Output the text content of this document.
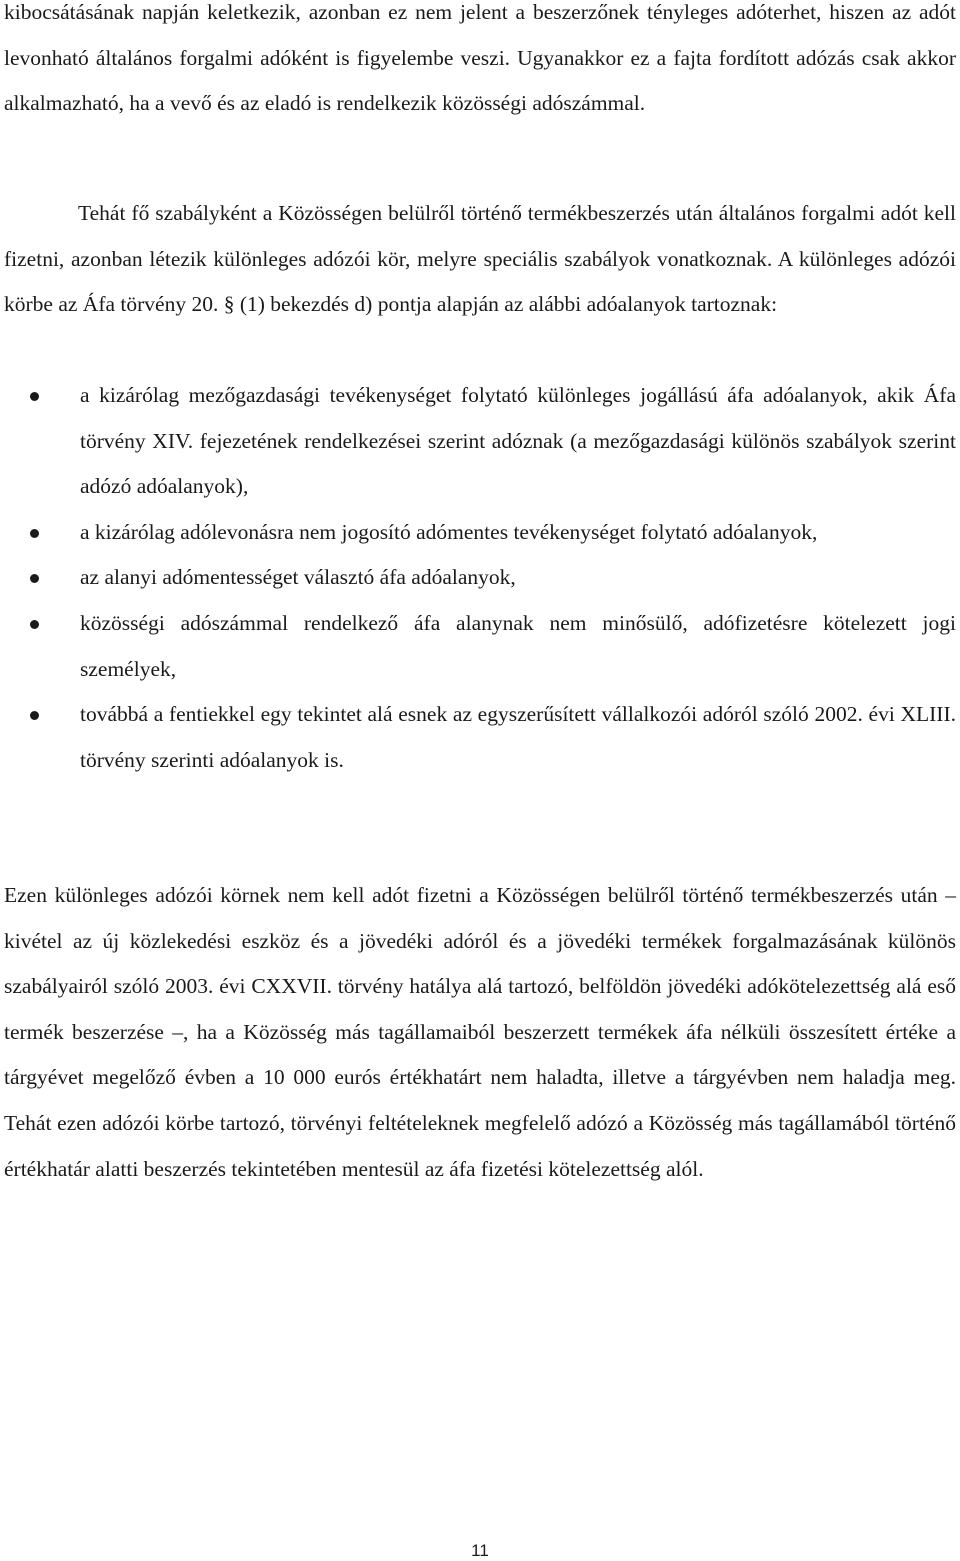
kibocsátásának napján keletkezik, azonban ez nem jelent a beszerzőnek tényleges adóterhet, hiszen az adót levonható általános forgalmi adóként is figyelembe veszi. Ugyanakkor ez a fajta fordított adózás csak akkor alkalmazható, ha a vevő és az eladó is rendelkezik közösségi adószámmal.

Tehát fő szabályként a Közösségen belülről történő termékbeszerzés után általános forgalmi adót kell fizetni, azonban létezik különleges adózói kör, melyre speciális szabályok vonatkoznak. A különleges adózói körbe az Áfa törvény 20. § (1) bekezdés d) pontja alapján az alábbi adóalanyok tartoznak:

a kizárólag mezőgazdasági tevékenységet folytató különleges jogállású áfa adóalanyok, akik Áfa törvény XIV. fejezetének rendelkezései szerint adóznak (a mezőgazdasági különös szabályok szerint adózó adóalanyok),
a kizárólag adólevonásra nem jogosító adómentes tevékenységet folytató adóalanyok,
az alanyi adómentességet választó áfa adóalanyok,
közösségi adószámmal rendelkező áfa alanynak nem minősülő, adófizetésre kötelezett jogi személyek,
továbbá a fentiekkel egy tekintet alá esnek az egyszerűsített vállalkozói adóról szóló 2002. évi XLIII. törvény szerinti adóalanyok is.

Ezen különleges adózói körnek nem kell adót fizetni a Közösségen belülről történő termékbeszerzés után – kivétel az új közlekedési eszköz és a jövedéki adóról és a jövedéki termékek forgalmazásának különös szabályairól szóló 2003. évi CXXVII. törvény hatálya alá tartozó, belföldön jövedéki adókötelezettség alá eső termék beszerzése –, ha a Közösség más tagállamaiból beszerzett termékek áfa nélküli összesített értéke a tárgyévet megelőző évben a 10 000 eurós értékhatárt nem haladta, illetve a tárgyévben nem haladja meg. Tehát ezen adózói körbe tartozó, törvényi feltételeknek megfelelő adózó a Közösség más tagállamából történő értékhatár alatti beszerzés tekintetében mentesül az áfa fizetési kötelezettség alól.

11
